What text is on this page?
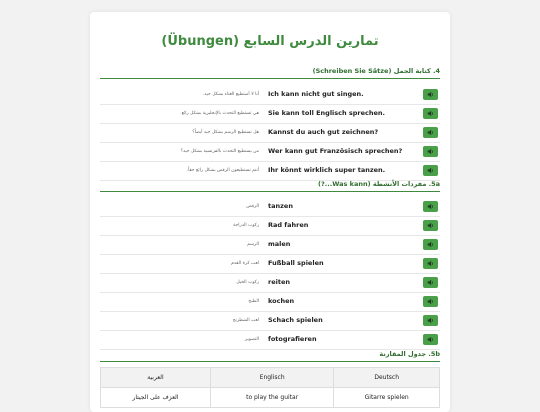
تمارين الدرس السابع (Übungen)
4. كتابة الجمل (Schreiben Sie Sätze)
أنا لا أستطيع الغناء بشكل جيد. Ich kann nicht gut singen.
هي تستطيع التحدث بالإنجليزية بشكل رائع. Sie kann toll Englisch sprechen.
هل تستطيع الرسم بشكل جيد أيضاً؟ Kannst du auch gut zeichnen?
من يستطيع التحدث بالفرنسية بشكل جيد؟ Wer kann gut Französisch sprechen?
أنتم تستطيعون الرقص بشكل رائع حقاً. Ihr könnt wirklich super tanzen.
5a. مفردات الأنشطة (Was kann...?)
الرقص tanzen
ركوب الدراجة Rad fahren
الرسم malen
لعب كرة القدم Fußball spielen
ركوب الخيل reiten
الطبخ kochen
لعب الشطرنج Schach spielen
التصوير fotografieren
5b. جدول المقارنة
العربية	Englisch	Deutsch
العزف على الجيتار	to play the guitar	Gitarre spielen
